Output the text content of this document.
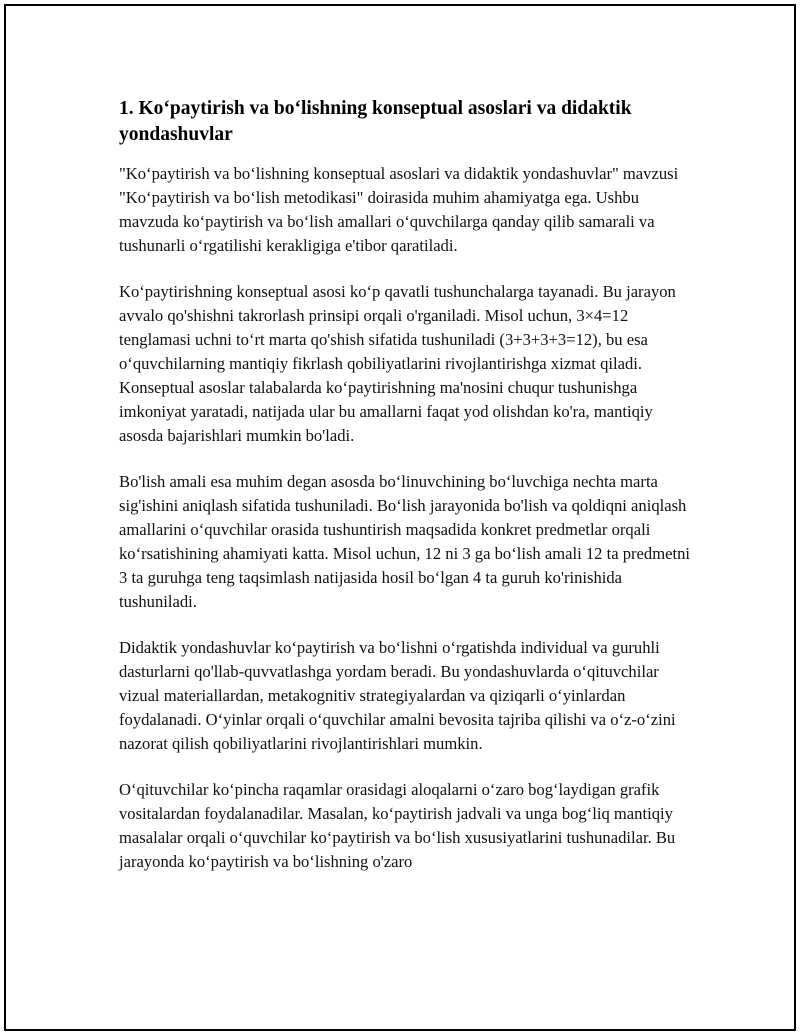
1. Ko‘paytirish va bo‘lishning konseptual asoslari va didaktik yondashuvlar

"Ko‘paytirish va bo‘lishning konseptual asoslari va didaktik yondashuvlar" mavzusi "Ko‘paytirish va bo‘lish metodikasi" doirasida muhim ahamiyatga ega. Ushbu mavzuda ko‘paytirish va bo‘lish amallari o‘quvchilarga qanday qilib samarali va tushunarli o‘rgatilishi kerakligiga e'tibor qaratiladi.

Ko‘paytirishning konseptual asosi ko‘p qavatli tushunchalarga tayanadi. Bu jarayon avvalo qo'shishni takrorlash prinsipi orqali o'rganiladi. Misol uchun, 3×4=12 tenglamasi uchni to‘rt marta qo'shish sifatida tushuniladi (3+3+3+3=12), bu esa o‘quvchilarning mantiqiy fikrlash qobiliyatlarini rivojlantirishga xizmat qiladi. Konseptual asoslar talabalarda ko‘paytirishning ma'nosini chuqur tushunishga imkoniyat yaratadi, natijada ular bu amallarni faqat yod olishdan ko'ra, mantiqiy asosda bajarishlari mumkin bo'ladi.

Bo'lish amali esa muhim degan asosda bo‘linuvchining bo‘luvchiga nechta marta sig'ishini aniqlash sifatida tushuniladi. Bo‘lish jarayonida bo'lish va qoldiqni aniqlash amallarini o‘quvchilar orasida tushuntirish maqsadida konkret predmetlar orqali ko‘rsatishining ahamiyati katta. Misol uchun, 12 ni 3 ga bo‘lish amali 12 ta predmetni 3 ta guruhga teng taqsimlash natijasida hosil bo‘lgan 4 ta guruh ko'rinishida tushuniladi.

Didaktik yondashuvlar ko‘paytirish va bo‘lishni o‘rgatishda individual va guruhli dasturlarni qo'llab-quvvatlashga yordam beradi. Bu yondashuvlarda o‘qituvchilar vizual materiallardan, metakognitiv strategiyalardan va qiziqarli o‘yinlardan foydalanadi. O‘yinlar orqali o‘quvchilar amalni bevosita tajriba qilishi va o‘z-o‘zini nazorat qilish qobiliyatlarini rivojlantirishlari mumkin.

O‘qituvchilar ko‘pincha raqamlar orasidagi aloqalarni o‘zaro bog‘laydigan grafik vositalardan foydalanadilar. Masalan, ko‘paytirish jadvali va unga bog‘liq mantiqiy masalalar orqali o‘quvchilar ko‘paytirish va bo‘lish xususiyatlarini tushunadilar. Bu jarayonda ko‘paytirish va bo‘lishning o'zaro
